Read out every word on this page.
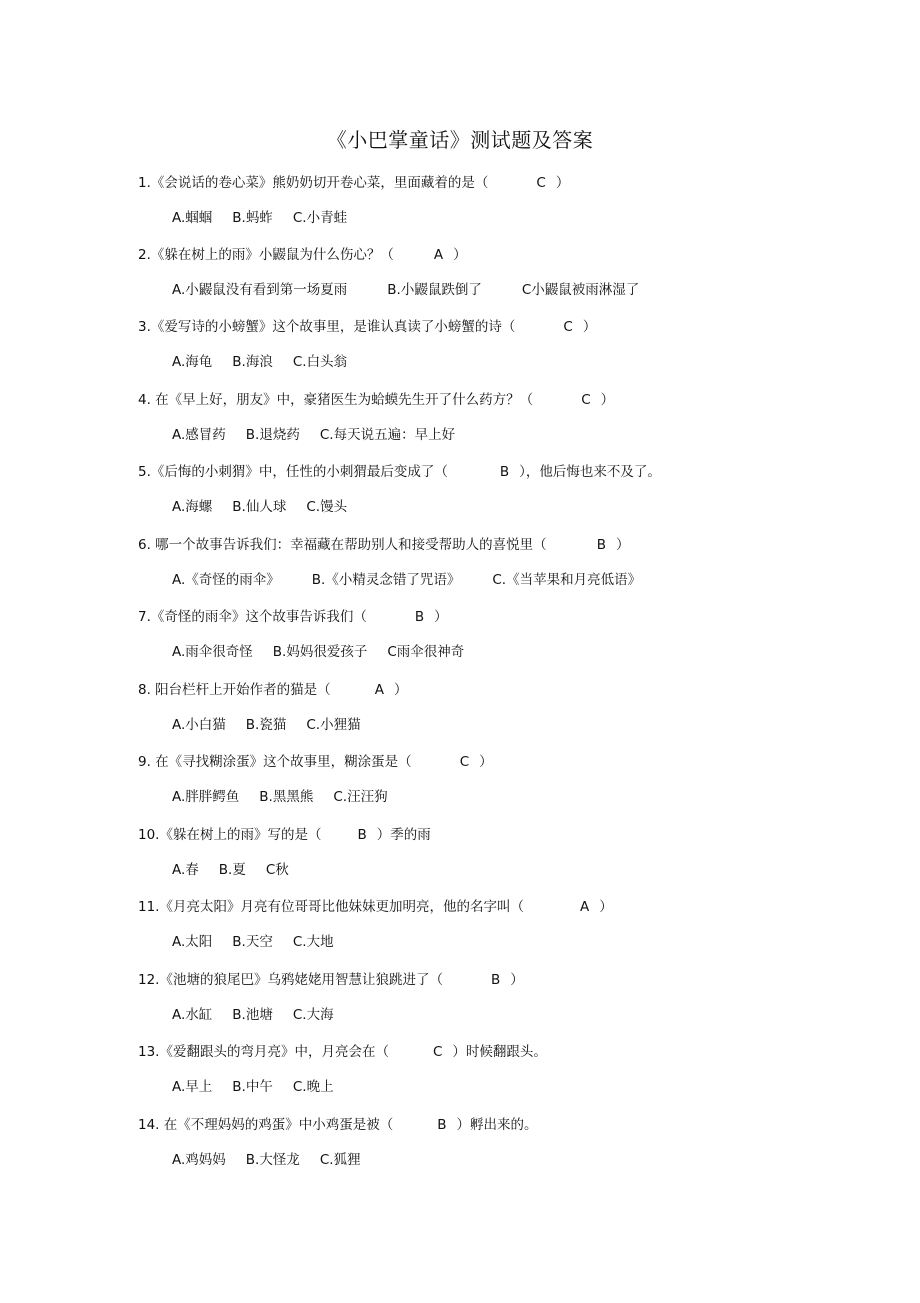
《小巴掌童话》测试题及答案
1.《会说话的卷心菜》熊奶奶切开卷心菜，里面藏着的是（	C ）
A.蝈蝈 B.蚂蚱 C.小青蛙
2.《躲在树上的雨》小鼹鼠为什么伤心？（	A ）
A.小鼹鼠没有看到第一场夏雨	B.小鼹鼠跌倒了	C小鼹鼠被雨淋湿了
3.《爱写诗的小螃蟹》这个故事里，是谁认真读了小螃蟹的诗（	C ）
A.海龟 B.海浪 C.白头翁
4. 在《早上好，朋友》中，豪猪医生为蛤蟆先生开了什么药方？（	C ）
A.感冒药 B.退烧药 C.每天说五遍：早上好
5.《后悔的小刺猬》中，任性的小刺猬最后变成了（	B ），他后悔也来不及了。
A.海螺 B.仙人球 C.馒头
6. 哪一个故事告诉我们：幸福藏在帮助别人和接受帮助人的喜悦里（	B ）
A.《奇怪的雨伞》 B.《小精灵念错了咒语》 C.《当苹果和月亮低语》
7.《奇怪的雨伞》这个故事告诉我们（	B ）
A.雨伞很奇怪 B.妈妈很爱孩子 C雨伞很神奇
8. 阳台栏杆上开始作者的猫是（	A ）
A.小白猫 B.瓷猫 C.小狸猫
9. 在《寻找糊涂蛋》这个故事里，糊涂蛋是（	C ）
A.胖胖鳄鱼 B.黑黑熊 C.汪汪狗
10.《躲在树上的雨》写的是（	B ）季的雨
A.春 B.夏 C秋
11.《月亮太阳》月亮有位哥哥比他妹妹更加明亮，他的名字叫（	A ）
A.太阳 B.天空 C.大地
12.《池塘的狼尾巴》乌鸦姥姥用智慧让狼跳进了（	B ）
A.水缸 B.池塘 C.大海
13.《爱翻跟头的弯月亮》中，月亮会在（	C ）时候翻跟头。
A.早上 B.中午 C.晚上
14. 在《不理妈妈的鸡蛋》中小鸡蛋是被（	B ）孵出来的。
A.鸡妈妈 B.大怪龙 C.狐狸
